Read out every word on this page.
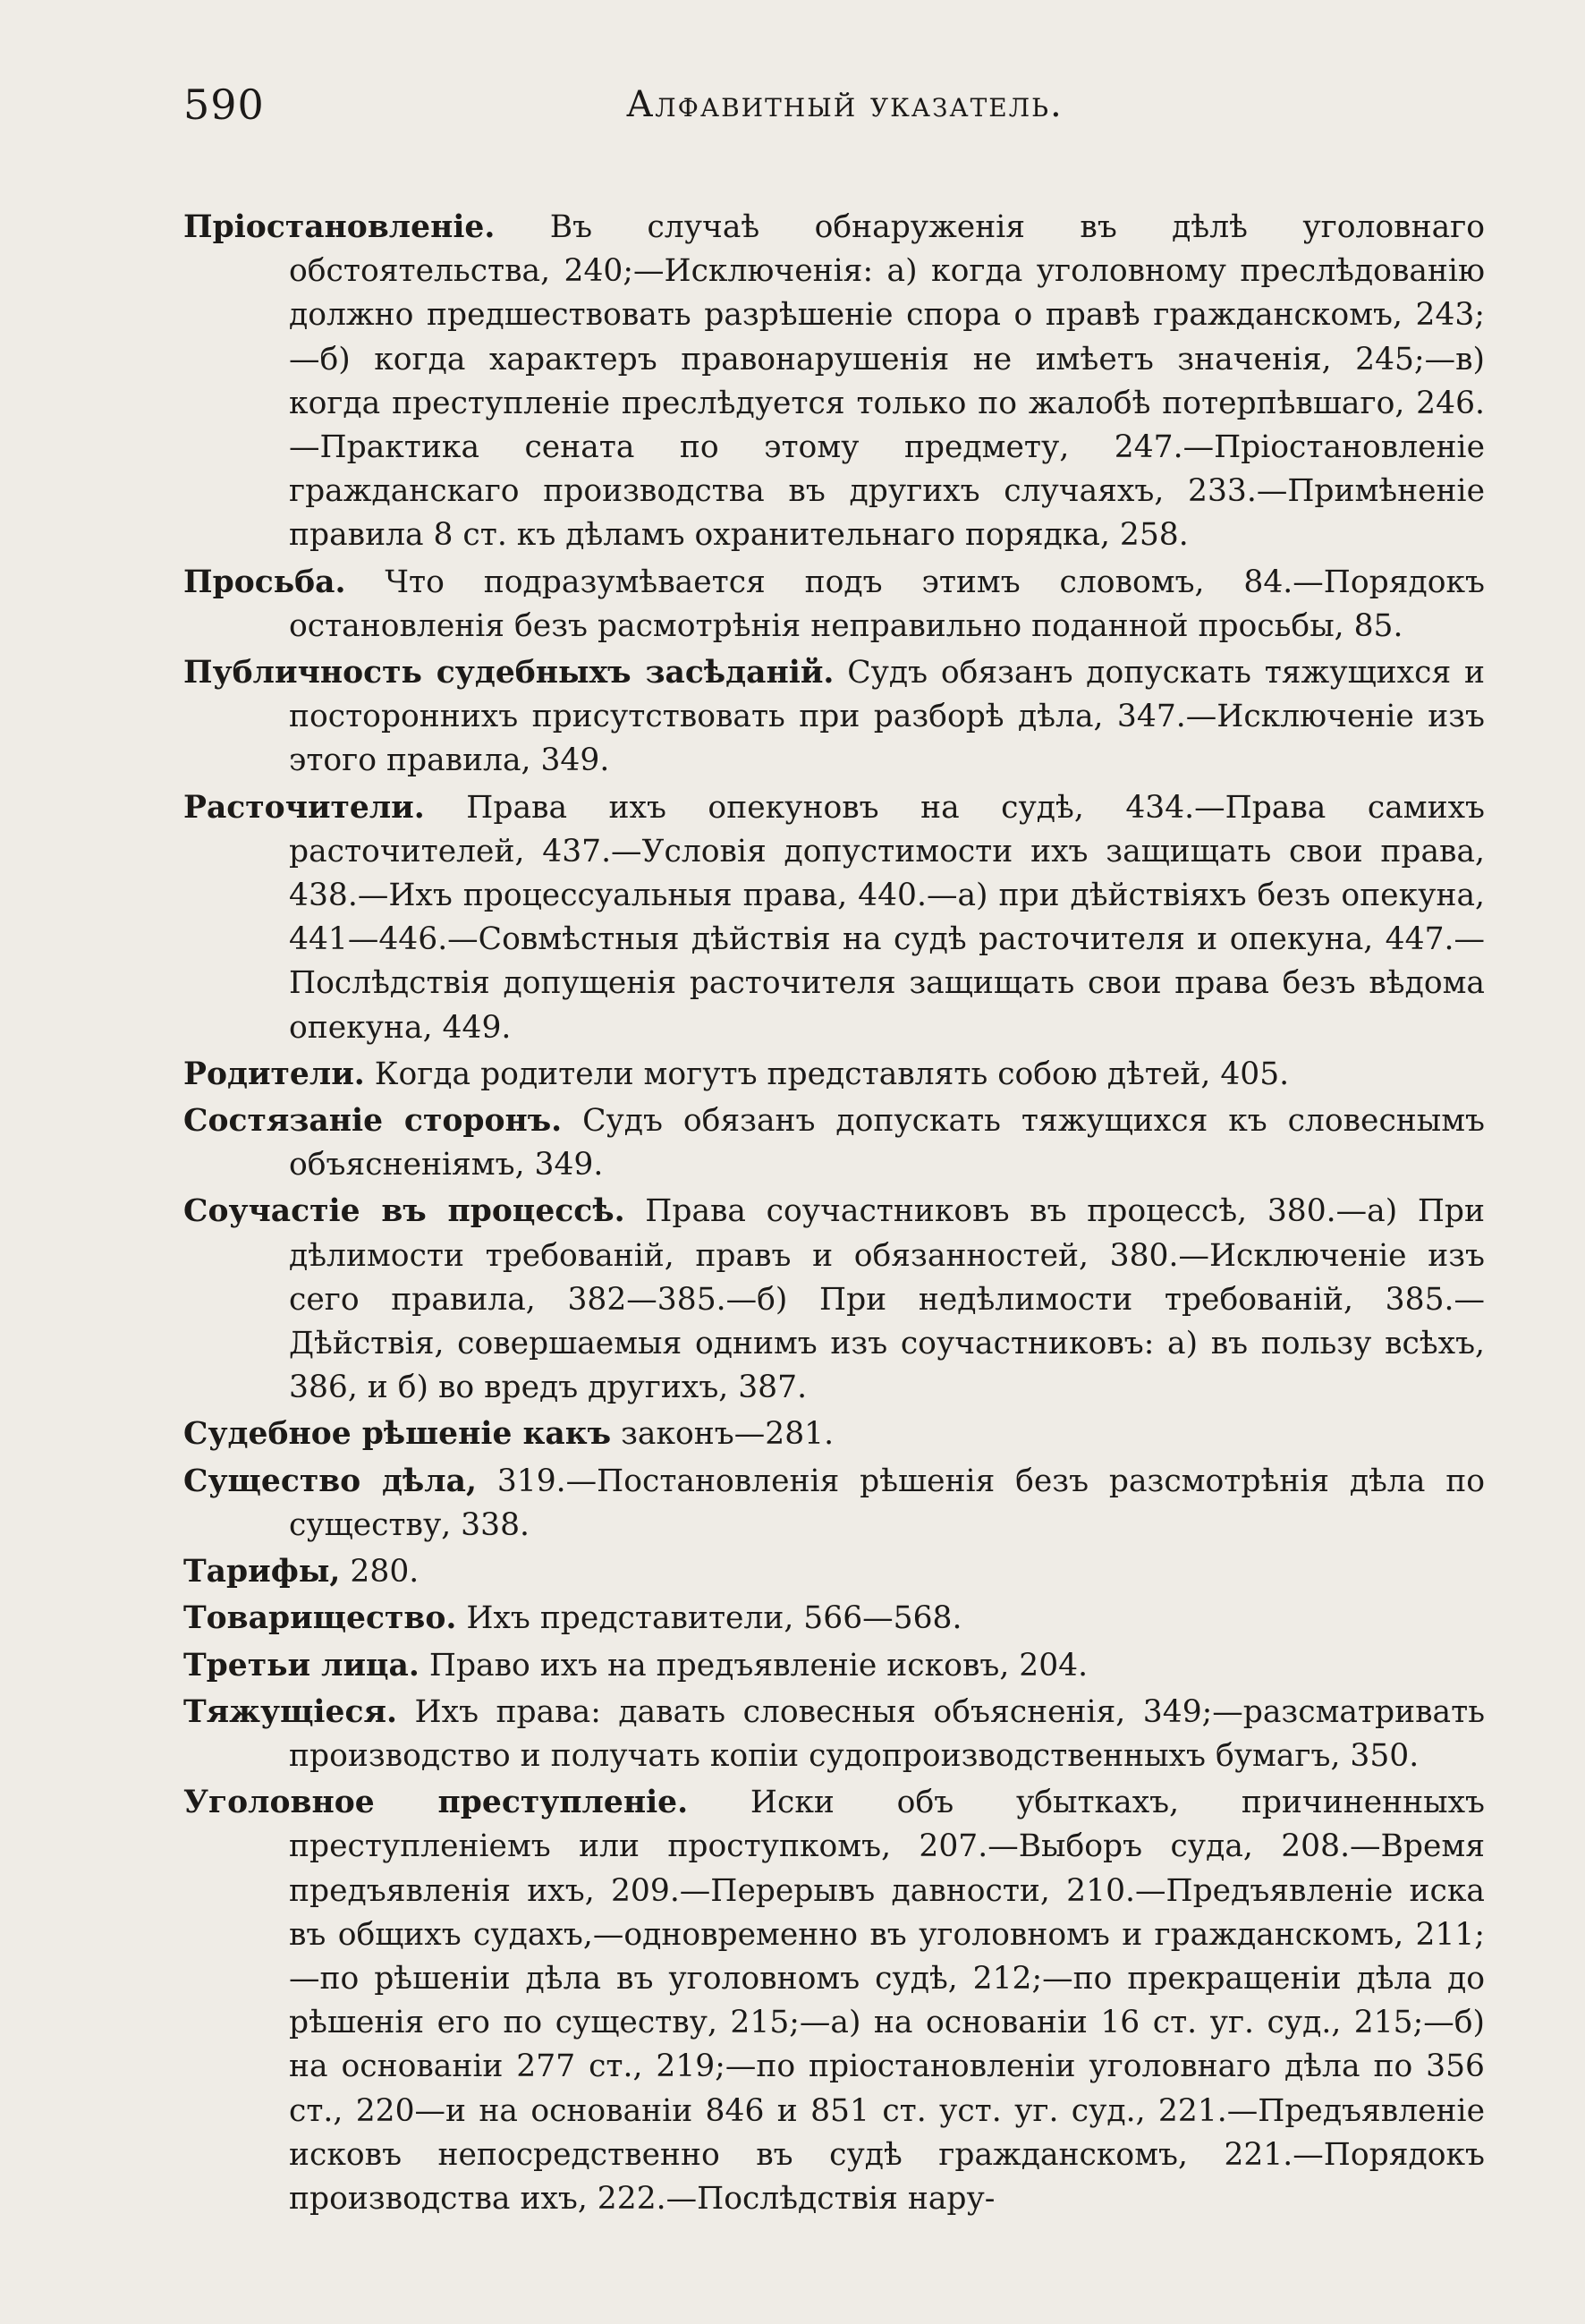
590	Алфавитный указатель.

Пріостановленіе. Въ случаѣ обнаруженія въ дѣлѣ уголовнаго обстоятельства, 240;—Исключенія: а) когда уголовному преслѣдованію должно предшествовать разрѣшеніе спора о правѣ гражданскомъ, 243;—б) когда характеръ правонарушенія не имѣетъ значенія, 245;—в) когда преступленіе преслѣдуется только по жалобѣ потерпѣвшаго, 246.—Практика сената по этому предмету, 247.—Пріостановленіе гражданскаго производства въ другихъ случаяхъ, 233.—Примѣненіе правила 8 ст. къ дѣламъ охранительнаго порядка, 258.

Просьба. Что подразумѣвается подъ этимъ словомъ, 84.—Порядокъ остановленія безъ расмотрѣнія неправильно поданной просьбы, 85.

Публичность судебныхъ засѣданій. Судъ обязанъ допускать тяжущихся и постороннихъ присутствовать при разборѣ дѣла, 347.—Исключеніе изъ этого правила, 349.

Расточители. Права ихъ опекуновъ на судѣ, 434.—Права самихъ расточителей, 437.—Условія допустимости ихъ защищать свои права, 438.—Ихъ процессуальныя права, 440.—а) при дѣйствіяхъ безъ опекуна, 441—446.—Совмѣстныя дѣйствія на судѣ расточителя и опекуна, 447.—Послѣдствія допущенія расточителя защищать свои права безъ вѣдома опекуна, 449.

Родители. Когда родители могутъ представлять собою дѣтей, 405.

Состязаніе сторонъ. Судъ обязанъ допускать тяжущихся къ словеснымъ объясненіямъ, 349.

Соучастіе въ процессѣ. Права соучастниковъ въ процессѣ, 380.—а) При дѣлимости требованій, правъ и обязанностей, 380.—Исключеніе изъ сего правила, 382—385.—б) При недѣлимости требованій, 385.—Дѣйствія, совершаемыя однимъ изъ соучастниковъ: а) въ пользу всѣхъ, 386, и б) во вредъ другихъ, 387.

Судебное рѣшеніе какъ законъ—281.

Существо дѣла, 319.—Постановленія рѣшенія безъ разсмотрѣнія дѣла по существу, 338.

Тарифы, 280.

Товарищество. Ихъ представители, 566—568.

Третьи лица. Право ихъ на предъявленіе исковъ, 204.

Тяжущіеся. Ихъ права: давать словесныя объясненія, 349;—разсматривать производство и получать копіи судопроизводственныхъ бумагъ, 350.

Уголовное преступленіе. Иски объ убыткахъ, причиненныхъ преступленіемъ или проступкомъ, 207.—Выборъ суда, 208.—Время предъявленія ихъ, 209.—Перерывъ давности, 210.—Предъявленіе иска въ общихъ судахъ,—одновременно въ уголовномъ и гражданскомъ, 211;—по рѣшеніи дѣла въ уголовномъ судѣ, 212;—по прекращеніи дѣла до рѣшенія его по существу, 215;—а) на основаніи 16 ст. уг. суд., 215;—б) на основаніи 277 ст., 219;—по пріостановленіи уголовнаго дѣла по 356 ст., 220—и на основаніи 846 и 851 ст. уст. уг. суд., 221.—Предъявленіе исковъ непосредственно въ судѣ гражданскомъ, 221.—Порядокъ производства ихъ, 222.—Послѣдствія нару-
